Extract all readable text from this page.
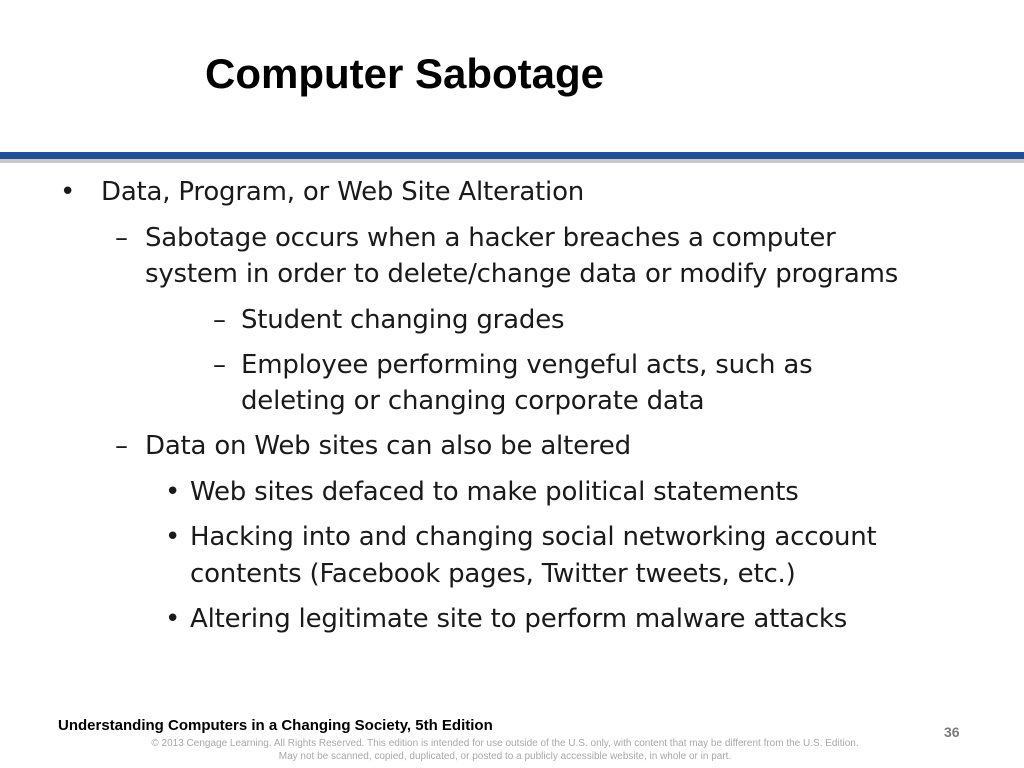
Computer Sabotage
• Data, Program, or Web Site Alteration
– Sabotage occurs when a hacker breaches a computer
system in order to delete/change data or modify programs
– Student changing grades
– Employee performing vengeful acts, such as
deleting or changing corporate data
– Data on Web sites can also be altered
• Web sites defaced to make political statements
• Hacking into and changing social networking account
contents (Facebook pages, Twitter tweets, etc.)
• Altering legitimate site to perform malware attacks
Understanding Computers in a Changing Society, 5th Edition	36
© 2013 Cengage Learning. All Rights Reserved. This edition is intended for use outside of the U.S. only, with content that may be different from the U.S. Edition.
May not be scanned, copied, duplicated, or posted to a publicly accessible website, in whole or in part.
